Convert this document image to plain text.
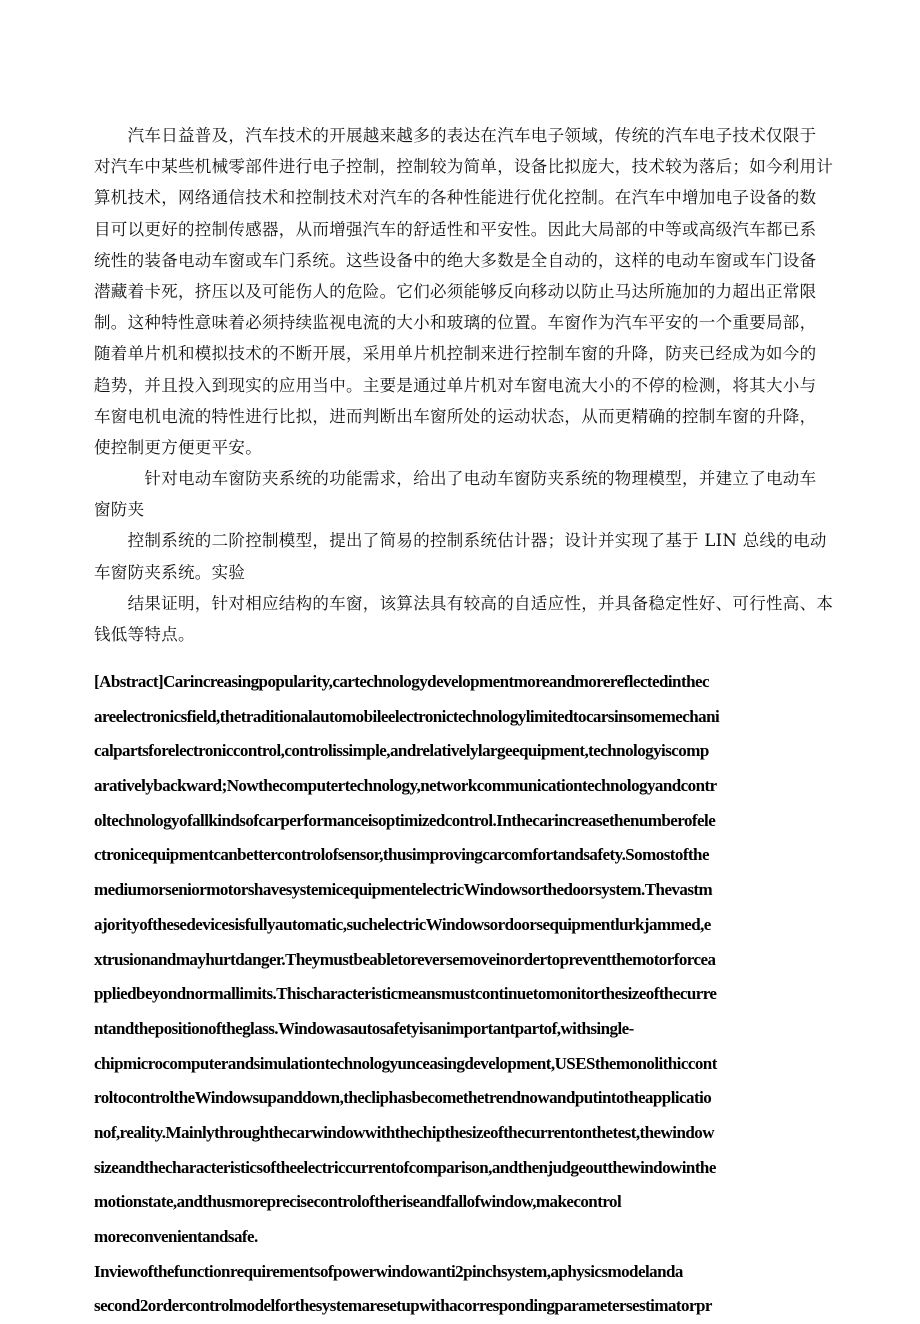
　　汽车日益普及，汽车技术的开展越来越多的表达在汽车电子领域，传统的汽车电子技术仅限于
对汽车中某些机械零部件进行电子控制，控制较为简单，设备比拟庞大，技术较为落后；如今利用计
算机技术，网络通信技术和控制技术对汽车的各种性能进行优化控制。在汽车中增加电子设备的数
目可以更好的控制传感器，从而增强汽车的舒适性和平安性。因此大局部的中等或高级汽车都已系
统性的装备电动车窗或车门系统。这些设备中的绝大多数是全自动的，这样的电动车窗或车门设备
潜藏着卡死，挤压以及可能伤人的危险。它们必须能够反向移动以防止马达所施加的力超出正常限
制。这种特性意味着必须持续监视电流的大小和玻璃的位置。车窗作为汽车平安的一个重要局部，
随着单片机和模拟技术的不断开展，采用单片机控制来进行控制车窗的升降，防夹已经成为如今的
趋势，并且投入到现实的应用当中。主要是通过单片机对车窗电流大小的不停的检测，将其大小与
车窗电机电流的特性进行比拟，进而判断出车窗所处的运动状态，从而更精确的控制车窗的升降，
使控制更方便更平安。
　　　针对电动车窗防夹系统的功能需求，给出了电动车窗防夹系统的物理模型，并建立了电动车
窗防夹
　　控制系统的二阶控制模型，提出了简易的控制系统估计器；设计并实现了基于 LIN 总线的电动
车窗防夹系统。实验
　　结果证明，针对相应结构的车窗，该算法具有较高的自适应性，并具备稳定性好、可行性高、本
钱低等特点。
[Abstract]Carincreasingpopularity,cartechnologydevelopmentmoreandmorereflectedinthec
areelectronicsfield,thetraditionalautomobileelectronictechnologylimitedtocarsinsomemechani
calpartsforelectroniccontrol,controlissimple,andrelativelylargeequipment,technologyiscomp
arativelybackward;Nowthecomputertechnology,networkcommunicationtechnologyandcontr
oltechnologyofallkindsofcarperformanceisoptimizedcontrol.Inthecarincreasethenumberofele
ctronicequipmentcanbettercontrolofsensor,thusimprovingcarcomfortandsafety.Somostofthe
mediumorseniormotorshavesystemicequipmentelectricWindowsorthedoorsystem.Thevastm
ajorityofthesedevicesisfullyautomatic,suchelectricWindowsordoorsequipmentlurkjammed,e
xtrusionandmayhurtdanger.Theymustbeabletoreversemoveinordertopreventthemotorforcea
ppliedbeyondnormallimits.Thischaracteristicmeansmustcontinuetomonitorthesizeofthecurre
ntandthepositionoftheglass.Windowasautosafetyisanimportantpartof,withsingle-
chipmicrocomputerandsimulationtechnologyunceasingdevelopment,USESthemonolithiccont
roltocontroltheWindowsupanddown,thecliphasbecomethetrendnowandputintotheapplicatio
nof,reality.Mainlythroughthecarwindowwiththechipthesizeofthecurrentonthetest,thewindow
sizeandthecharacteristicsoftheelectriccurrentofcomparison,andthenjudgeoutthewindowinthe
motionstate,andthusmoreprecisecontroloftheriseandfallofwindow,makecontrol
moreconvenientandsafe.
Inviewofthefunctionrequirementsofpowerwindowanti2pinchsystem,aphysicsmodelanda
second2ordercontrolmodelforthesystemaresetupwithacorrespondingparametersestimatorpr
